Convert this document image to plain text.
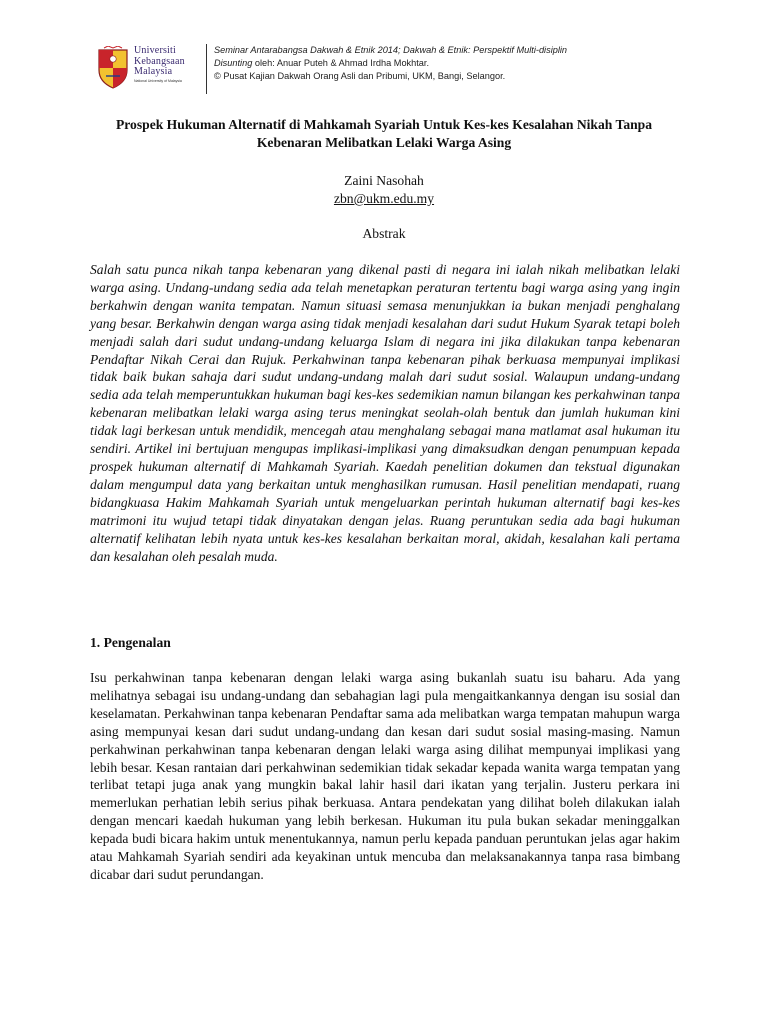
Universiti
Kebangsaan
Malaysia
National University of Malaysia
Seminar Antarabangsa Dakwah & Etnik 2014; Dakwah & Etnik: Perspektif Multi-disiplin
Disunting oleh: Anuar Puteh & Ahmad Irdha Mokhtar.
© Pusat Kajian Dakwah Orang Asli dan Pribumi, UKM, Bangi, Selangor.
Prospek Hukuman Alternatif di Mahkamah Syariah Untuk Kes-kes Kesalahan Nikah Tanpa Kebenaran Melibatkan Lelaki Warga Asing
Zaini Nasohah
zbn@ukm.edu.my
Abstrak

Salah satu punca nikah tanpa kebenaran yang dikenal pasti di negara ini ialah nikah melibatkan lelaki warga asing. Undang-undang sedia ada telah menetapkan peraturan tertentu bagi warga asing yang ingin berkahwin dengan wanita tempatan. Namun situasi semasa menunjukkan ia bukan menjadi penghalang yang besar. Berkahwin dengan warga asing tidak menjadi kesalahan dari sudut Hukum Syarak tetapi boleh menjadi salah dari sudut undang-undang keluarga Islam di negara ini jika dilakukan tanpa kebenaran Pendaftar Nikah Cerai dan Rujuk. Perkahwinan tanpa kebenaran pihak berkuasa mempunyai implikasi tidak baik bukan sahaja dari sudut undang-undang malah dari sudut sosial. Walaupun undang-undang sedia ada telah memperuntukkan hukuman bagi kes-kes sedemikian namun bilangan kes perkahwinan tanpa kebenaran melibatkan lelaki warga asing terus meningkat seolah-olah bentuk dan jumlah hukuman kini tidak lagi berkesan untuk mendidik, mencegah atau menghalang sebagai mana matlamat asal hukuman itu sendiri. Artikel ini bertujuan mengupas implikasi-implikasi yang dimaksudkan dengan penumpuan kepada prospek hukuman alternatif di Mahkamah Syariah. Kaedah penelitian dokumen dan tekstual digunakan dalam mengumpul data yang berkaitan untuk menghasilkan rumusan. Hasil penelitian mendapati, ruang bidangkuasa Hakim Mahkamah Syariah untuk mengeluarkan perintah hukuman alternatif bagi kes-kes matrimoni itu wujud tetapi tidak dinyatakan dengan jelas. Ruang peruntukan sedia ada bagi hukuman alternatif kelihatan lebih nyata untuk kes-kes kesalahan berkaitan moral, akidah, kesalahan kali pertama dan kesalahan oleh pesalah muda.

1. Pengenalan

Isu perkahwinan tanpa kebenaran dengan lelaki warga asing bukanlah suatu isu baharu. Ada yang melihatnya sebagai isu undang-undang dan sebahagian lagi pula mengaitkankannya dengan isu sosial dan keselamatan. Perkahwinan tanpa kebenaran Pendaftar sama ada melibatkan warga tempatan mahupun warga asing mempunyai kesan dari sudut undang-undang dan kesan dari sudut sosial masing-masing. Namun perkahwinan perkahwinan tanpa kebenaran dengan lelaki warga asing dilihat mempunyai implikasi yang lebih besar. Kesan rantaian dari perkahwinan sedemikian tidak sekadar kepada wanita warga tempatan yang terlibat tetapi juga anak yang mungkin bakal lahir hasil dari ikatan yang terjalin. Justeru perkara ini memerlukan perhatian lebih serius pihak berkuasa. Antara pendekatan yang dilihat boleh dilakukan ialah dengan mencari kaedah hukuman yang lebih berkesan. Hukuman itu pula bukan sekadar meninggalkan kepada budi bicara hakim untuk menentukannya, namun perlu kepada panduan peruntukan jelas agar hakim atau Mahkamah Syariah sendiri ada keyakinan untuk mencuba dan melaksanakannya tanpa rasa bimbang dicabar dari sudut perundangan.
